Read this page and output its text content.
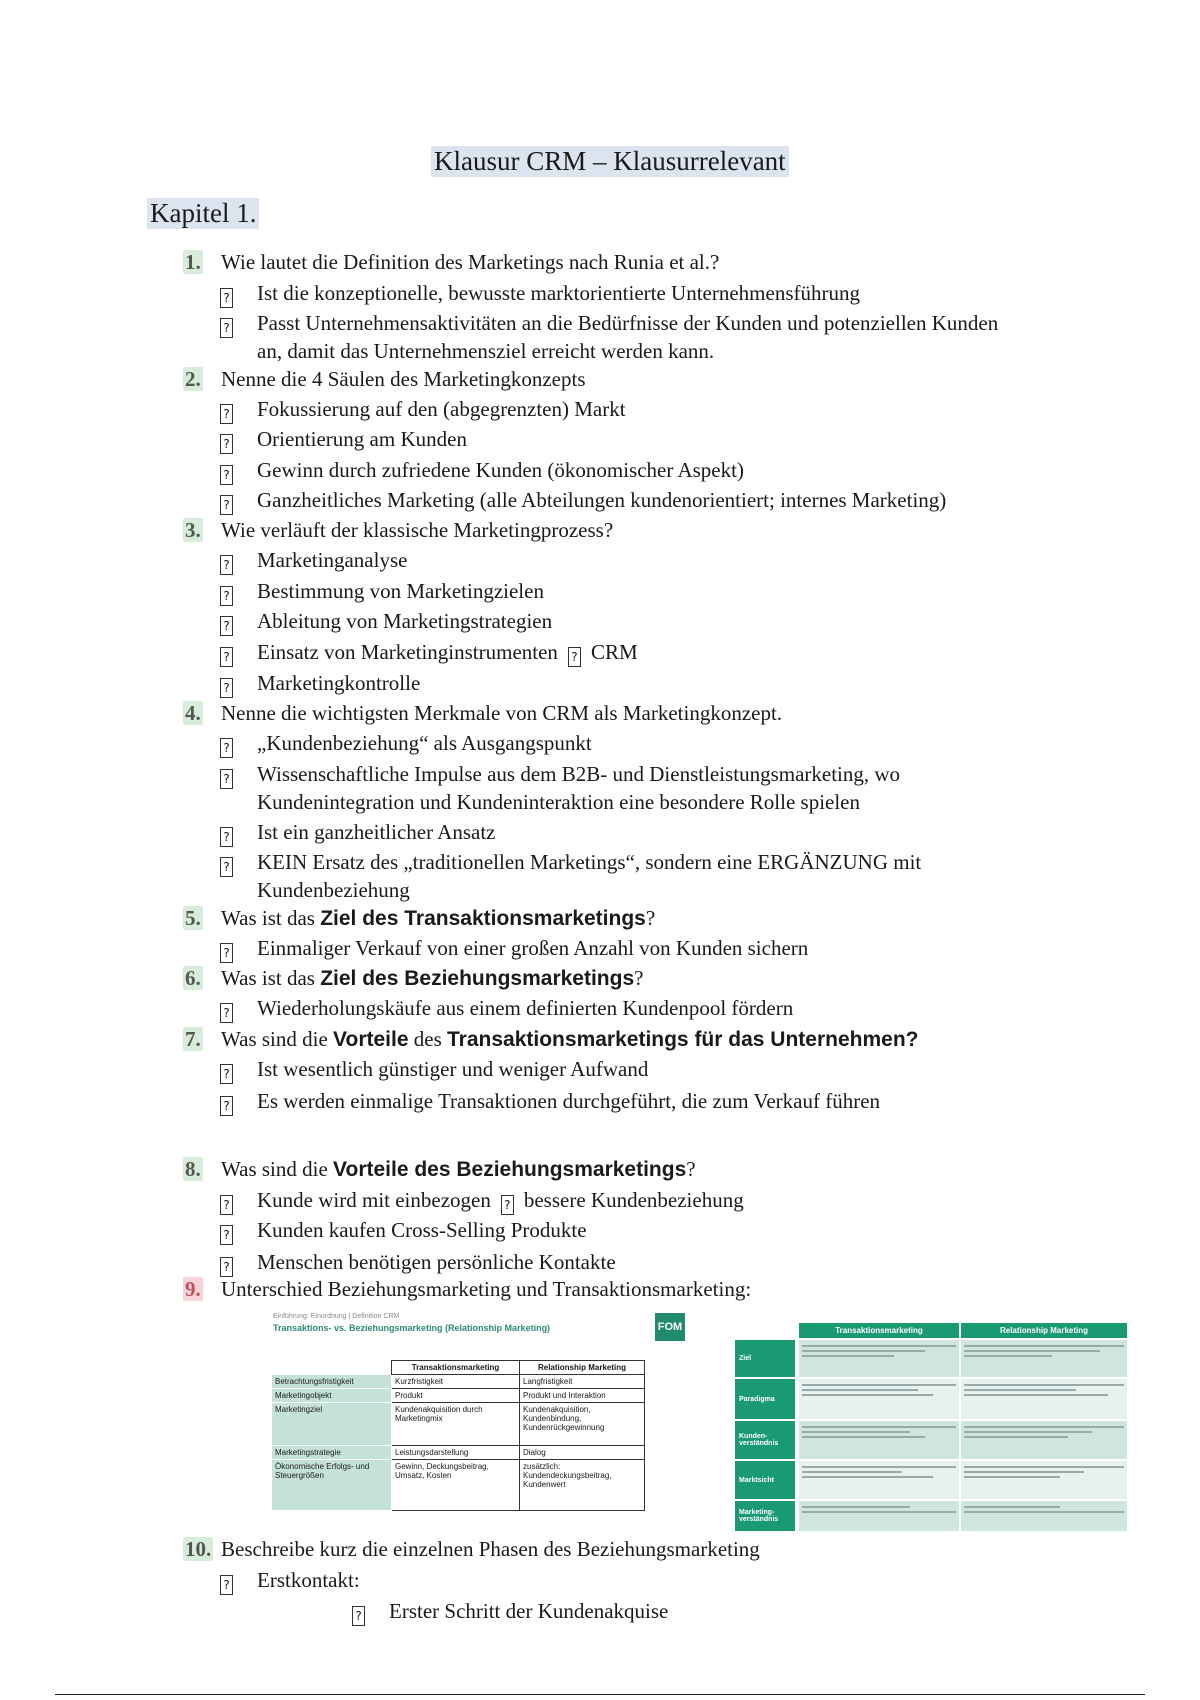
Klausur CRM – Klausurrelevant
Kapitel 1.
1. Wie lautet die Definition des Marketings nach Runia et al.?
? Ist die konzeptionelle, bewusste marktorientierte Unternehmensführung
? Passt Unternehmensaktivitäten an die Bedürfnisse der Kunden und potenziellen Kunden
an, damit das Unternehmensziel erreicht werden kann.
2. Nenne die 4 Säulen des Marketingkonzepts
? Fokussierung auf den (abgegrenzten) Markt
? Orientierung am Kunden
? Gewinn durch zufriedene Kunden (ökonomischer Aspekt)
? Ganzheitliches Marketing (alle Abteilungen kundenorientiert; internes Marketing)
3. Wie verläuft der klassische Marketingprozess?
? Marketinganalyse
? Bestimmung von Marketingzielen
? Ableitung von Marketingstrategien
? Einsatz von Marketinginstrumenten ? CRM
? Marketingkontrolle
4. Nenne die wichtigsten Merkmale von CRM als Marketingkonzept.
? „Kundenbeziehung“ als Ausgangspunkt
? Wissenschaftliche Impulse aus dem B2B- und Dienstleistungsmarketing, wo
Kundenintegration und Kundeninteraktion eine besondere Rolle spielen
? Ist ein ganzheitlicher Ansatz
? KEIN Ersatz des „traditionellen Marketings“, sondern eine ERGÄNZUNG mit
Kundenbeziehung
5. Was ist das Ziel des Transaktionsmarketings?
? Einmaliger Verkauf von einer großen Anzahl von Kunden sichern
6. Was ist das Ziel des Beziehungsmarketings?
? Wiederholungskäufe aus einem definierten Kundenpool fördern
7. Was sind die Vorteile des Transaktionsmarketings für das Unternehmen?
? Ist wesentlich günstiger und weniger Aufwand
? Es werden einmalige Transaktionen durchgeführt, die zum Verkauf führen
8. Was sind die Vorteile des Beziehungsmarketings?
? Kunde wird mit einbezogen ? bessere Kundenbeziehung
? Kunden kaufen Cross-Selling Produkte
? Menschen benötigen persönliche Kontakte
9. Unterschied Beziehungsmarketing und Transaktionsmarketing:
Einführung: Einordnung | Definition CRM
Transaktions- vs. Beziehungsmarketing (Relationship Marketing)	FOM
	Transaktionsmarketing	Relationship Marketing
Betrachtungsfristigkeit	Kurzfristigkeit	Langfristigkeit
Marketingobjekt	Produkt	Produkt und Interaktion
Marketingziel	Kundenakquisition durch Marketingmix	Kundenakquisition, Kundenbindung, Kundenrückgewinnung
Marketingstrategie	Leistungsdarstellung	Dialog
Ökonomische Erfolgs- und Steuergrößen	Gewinn, Deckungsbeitrag, Umsatz, Kosten	zusätzlich: Kundendeckungsbeitrag, Kundenwert
Transaktionsmarketing	Relationship Marketing
Ziel
Paradigma
Kunden-verständnis
Marktsicht
Marketing-verständnis
10. Beschreibe kurz die einzelnen Phasen des Beziehungsmarketing
? Erstkontakt:
? Erster Schritt der Kundenakquise
